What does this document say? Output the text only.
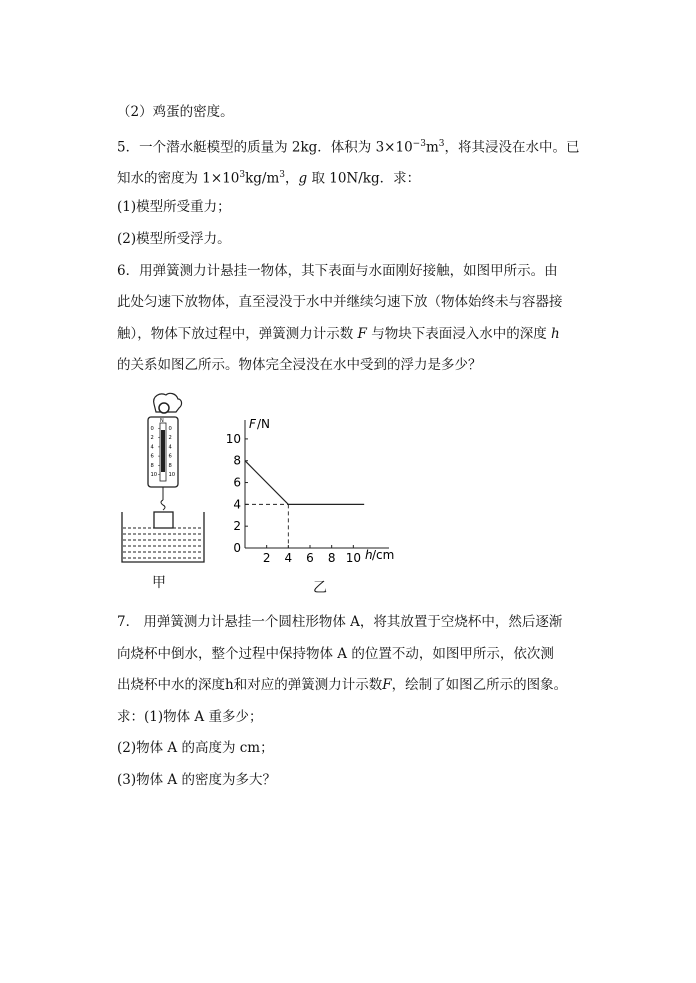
（2）鸡蛋的密度。
5．一个潜水艇模型的质量为 2kg．体积为 $3\times 10^{-3}m^3$，将其浸没在水中。已
知水的密度为 $1\times 10^3kg/m^3$，g 取 10N/kg．求：
(1)模型所受重力；
(2)模型所受浮力。
6．用弹簧测力计悬挂一物体，其下表面与水面刚好接触，如图甲所示。由
此处匀速下放物体，直至浸没于水中并继续匀速下放（物体始终未与容器接
触），物体下放过程中，弹簧测力计示数 F 与物块下表面浸入水中的深度 h
的关系如图乙所示。物体完全浸没在水中受到的浮力是多少？
0
2
4
6
8
10
0
2
4
6
8
10
N
2
4
6
8
10
0
2 4 6 8 10
F /N
h /cm
甲	乙
7． 用弹簧测力计悬挂一个圆柱形物体 A，将其放置于空烧杯中，然后逐渐
向烧杯中倒水，整个过程中保持物体 A 的位置不动，如图甲所示，依次测
出烧杯中水的深度h和对应的弹簧测力计示数F，绘制了如图乙所示的图象。
求：(1)物体 A 重多少；
(2)物体 A 的高度为 cm；
(3)物体 A 的密度为多大？
